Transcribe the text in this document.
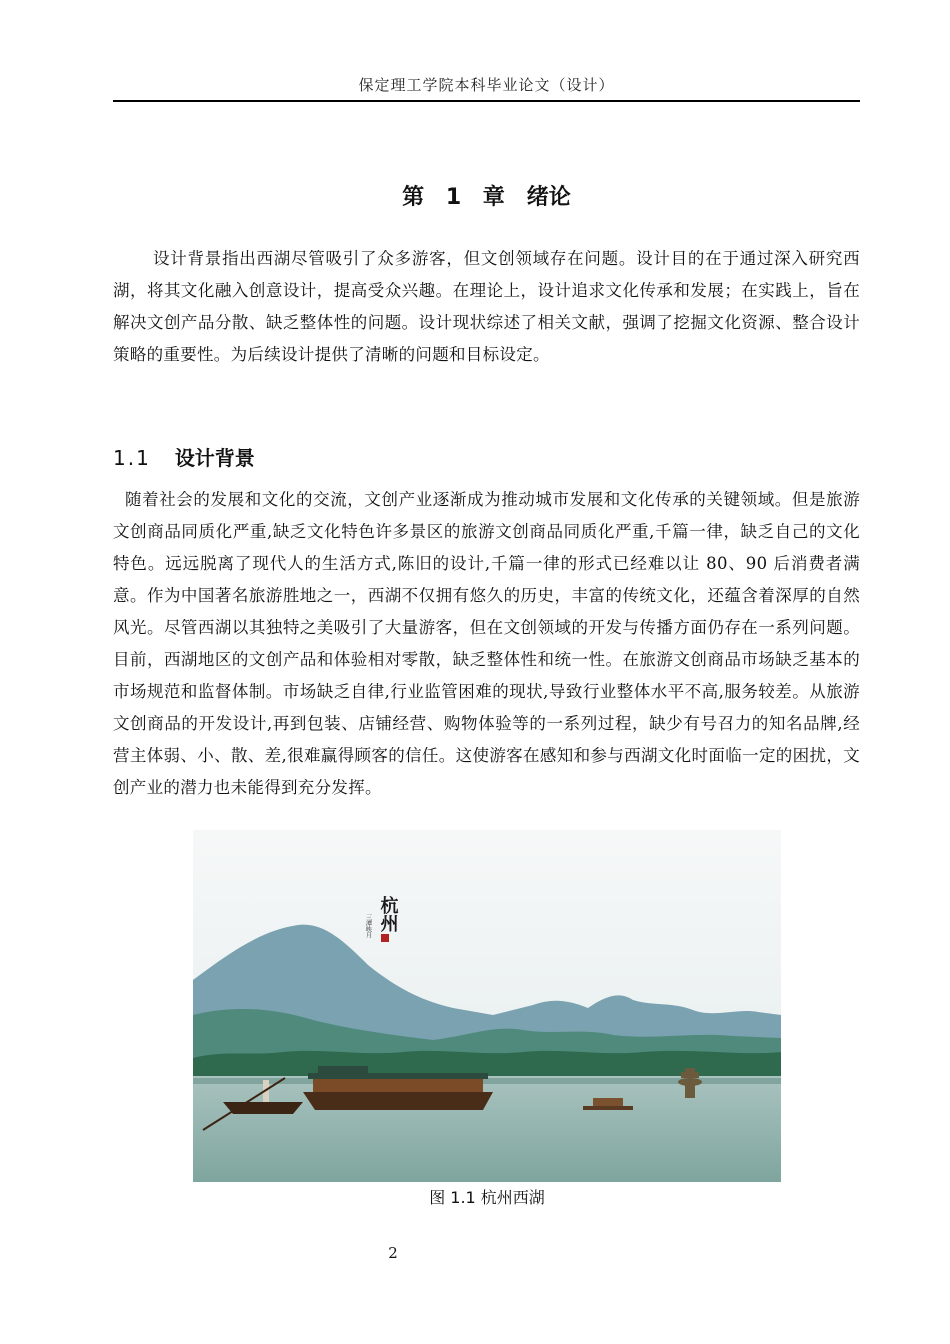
保定理工学院本科毕业论文（设计）
第 1 章　绪论

设计背景指出西湖尽管吸引了众多游客，但文创领域存在问题。设计目的在于通过深入研究西湖，将其文化融入创意设计，提高受众兴趣。在理论上，设计追求文化传承和发展；在实践上，旨在解决文创产品分散、缺乏整体性的问题。设计现状综述了相关文献，强调了挖掘文化资源、整合设计策略的重要性。为后续设计提供了清晰的问题和目标设定。

1.1 设计背景

随着社会的发展和文化的交流，文创产业逐渐成为推动城市发展和文化传承的关键领域。但是旅游文创商品同质化严重,缺乏文化特色许多景区的旅游文创商品同质化严重,千篇一律，缺乏自己的文化特色。远远脱离了现代人的生活方式,陈旧的设计,千篇一律的形式已经难以让 80、90 后消费者满意。作为中国著名旅游胜地之一，西湖不仅拥有悠久的历史，丰富的传统文化，还蕴含着深厚的自然风光。尽管西湖以其独特之美吸引了大量游客，但在文创领域的开发与传播方面仍存在一系列问题。目前，西湖地区的文创产品和体验相对零散，缺乏整体性和统一性。在旅游文创商品市场缺乏基本的市场规范和监督体制。市场缺乏自律,行业监管困难的现状,导致行业整体水平不高,服务较差。从旅游文创商品的开发设计,再到包装、店铺经营、购物体验等的一系列过程，缺少有号召力的知名品牌,经营主体弱、小、散、差,很难赢得顾客的信任。这使游客在感知和参与西湖文化时面临一定的困扰，文创产业的潜力也未能得到充分发挥。

杭州
三潭映月
图 1.1 杭州西湖
2
